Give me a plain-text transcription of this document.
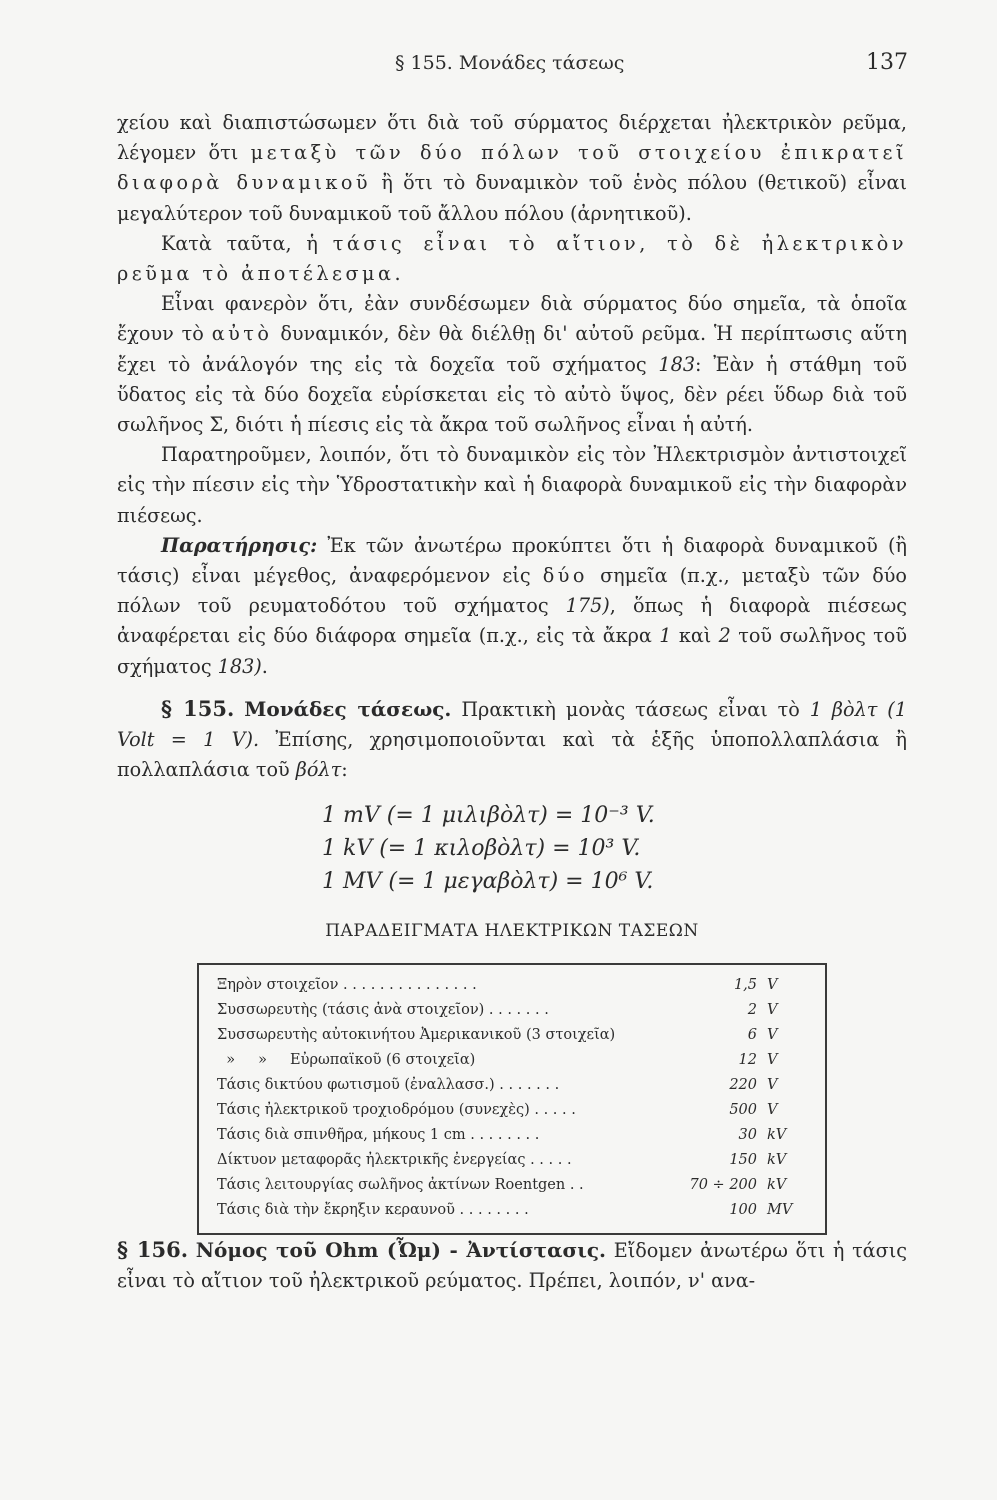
§ 155. Μονάδες τάσεως	137

χείου καὶ διαπιστώσωμεν ὅτι διὰ τοῦ σύρματος διέρχεται ἠλεκτρικὸν ρεῦμα, λέγομεν ὅτι μεταξὺ τῶν δύο πόλων τοῦ στοιχείου ἐπικρατεῖ διαφορὰ δυναμικοῦ ἢ ὅτι τὸ δυναμικὸν τοῦ ἑνὸς πόλου (θετικοῦ) εἶναι μεγαλύτερον τοῦ δυναμικοῦ τοῦ ἄλλου πόλου (ἀρνητικοῦ).

Κατὰ ταῦτα, ἡ τάσις εἶναι τὸ αἴτιον, τὸ δὲ ἠλεκτρικὸν ρεῦμα τὸ ἀποτέλεσμα.

Εἶναι φανερὸν ὅτι, ἐὰν συνδέσωμεν διὰ σύρματος δύο σημεῖα, τὰ ὁποῖα ἔχουν τὸ αὐτὸ δυναμικόν, δὲν θὰ διέλθῃ δι' αὐτοῦ ρεῦμα. Ἡ περίπτωσις αὕτη ἔχει τὸ ἀνάλογόν της εἰς τὰ δοχεῖα τοῦ σχήματος 183: Ἐὰν ἡ στάθμη τοῦ ὕδατος εἰς τὰ δύο δοχεῖα εὑρίσκεται εἰς τὸ αὐτὸ ὕψος, δὲν ρέει ὕδωρ διὰ τοῦ σωλῆνος Σ, διότι ἡ πίεσις εἰς τὰ ἄκρα τοῦ σωλῆνος εἶναι ἡ αὐτή.

Παρατηροῦμεν, λοιπόν, ὅτι τὸ δυναμικὸν εἰς τὸν Ἠλεκτρισμὸν ἀντιστοιχεῖ εἰς τὴν πίεσιν εἰς τὴν Ὑδροστατικὴν καὶ ἡ διαφορὰ δυναμικοῦ εἰς τὴν διαφορὰν πιέσεως.

Παρατήρησις: Ἐκ τῶν ἀνωτέρω προκύπτει ὅτι ἡ διαφορὰ δυναμικοῦ (ἢ τάσις) εἶναι μέγεθος, ἀναφερόμενον εἰς δύο σημεῖα (π.χ., μεταξὺ τῶν δύο πόλων τοῦ ρευματοδότου τοῦ σχήματος 175), ὅπως ἡ διαφορὰ πιέσεως ἀναφέρεται εἰς δύο διάφορα σημεῖα (π.χ., εἰς τὰ ἄκρα 1 καὶ 2 τοῦ σωλῆνος τοῦ σχήματος 183).

§ 155. Μονάδες τάσεως. Πρακτικὴ μονὰς τάσεως εἶναι τὸ 1 βὸλτ (1 Volt = 1 V). Ἐπίσης, χρησιμοποιοῦνται καὶ τὰ ἑξῆς ὑποπολλαπλάσια ἢ πολλαπλάσια τοῦ βόλτ:

1 mV (= 1 μιλιβὸλτ) = 10⁻³ V.
1 kV (= 1 κιλοβὸλτ) = 10³ V.
1 MV (= 1 μεγαβὸλτ) = 10⁶ V.
ΠΑΡΑΔΕΙΓΜΑΤΑ ΗΛΕΚΤΡΙΚΩΝ ΤΑΣΕΩΝ
Ξηρὸν στοιχεῖον . . . . . . . . . . . . . . .	1,5 V
Συσσωρευτὴς (τάσις ἀνὰ στοιχεῖον) . . . . . . .	2 V
Συσσωρευτὴς αὐτοκινήτου Ἀμερικανικοῦ (3 στοιχεῖα)	6 V
»     »     Εὐρωπαϊκοῦ (6 στοιχεῖα)	12 V
Τάσις δικτύου φωτισμοῦ (ἐναλλασσ.) . . . . . . .	220 V
Τάσις ἠλεκτρικοῦ τροχιοδρόμου (συνεχὲς) . . . . .	500 V
Τάσις διὰ σπινθῆρα, μήκους 1 cm . . . . . . . .	30 kV
Δίκτυον μεταφορᾶς ἠλεκτρικῆς ἐνεργείας . . . . .	150 kV
Τάσις λειτουργίας σωλῆνος ἀκτίνων Roentgen . .	70 ÷ 200 kV
Τάσις διὰ τὴν ἔκρηξιν κεραυνοῦ . . . . . . . .	100 MV

§ 156. Νόμος τοῦ Ohm (Ὦμ) - Ἀντίστασις. Εἴδομεν ἀνωτέρω ὅτι ἡ τάσις εἶναι τὸ αἴτιον τοῦ ἠλεκτρικοῦ ρεύματος. Πρέπει, λοιπόν, ν' ανα-
